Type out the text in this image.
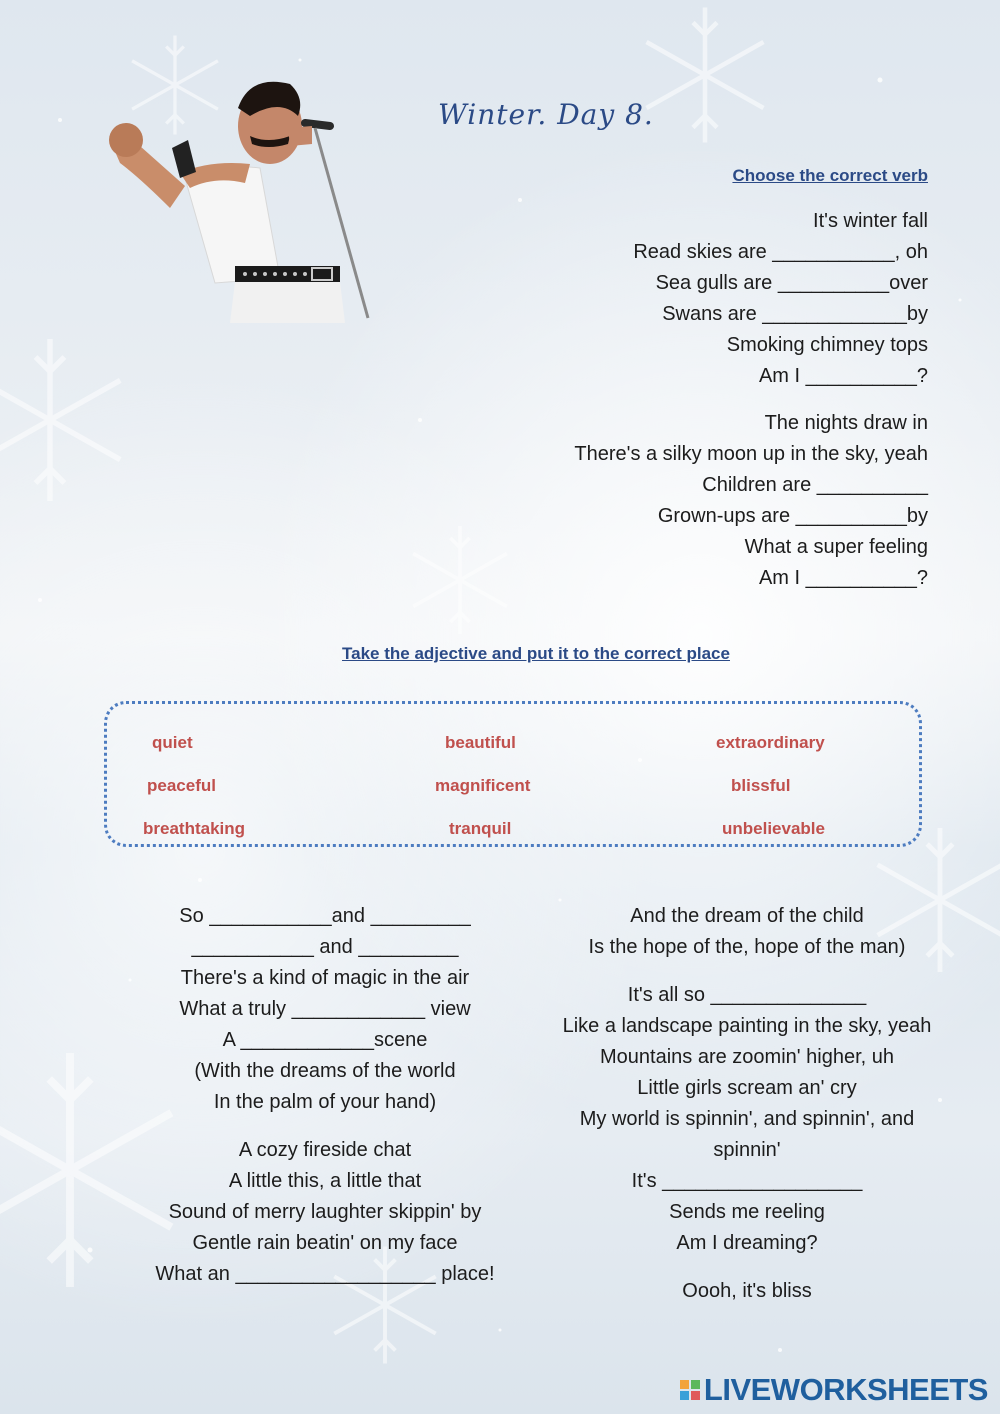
Winter. Day 8.
Choose the correct verb
It's winter fall
Read skies are ___________, oh
Sea gulls are __________over
Swans are _____________by
Smoking chimney tops
Am I __________?
The nights draw in
There's a silky moon up in the sky, yeah
Children are __________
Grown-ups are __________by
What a super feeling
Am I __________?
Take the adjective and put it to the correct place
quiet	beautiful	extraordinary
peaceful	magnificent	blissful
breathtaking	tranquil	unbelievable
So ___________and _________
___________ and _________
There's a kind of magic in the air
What a truly ____________ view
A ____________scene
(With the dreams of the world
In the palm of your hand)
A cozy fireside chat
A little this, a little that
Sound of merry laughter skippin' by
Gentle rain beatin' on my face
What an __________________ place!
And the dream of the child
Is the hope of the, hope of the man)
It's all so ______________
Like a landscape painting in the sky, yeah
Mountains are zoomin' higher, uh
Little girls scream an' cry
My world is spinnin', and spinnin', and
spinnin'
It's __________________
Sends me reeling
Am I dreaming?
Oooh, it's bliss
LIVEWORKSHEETS
